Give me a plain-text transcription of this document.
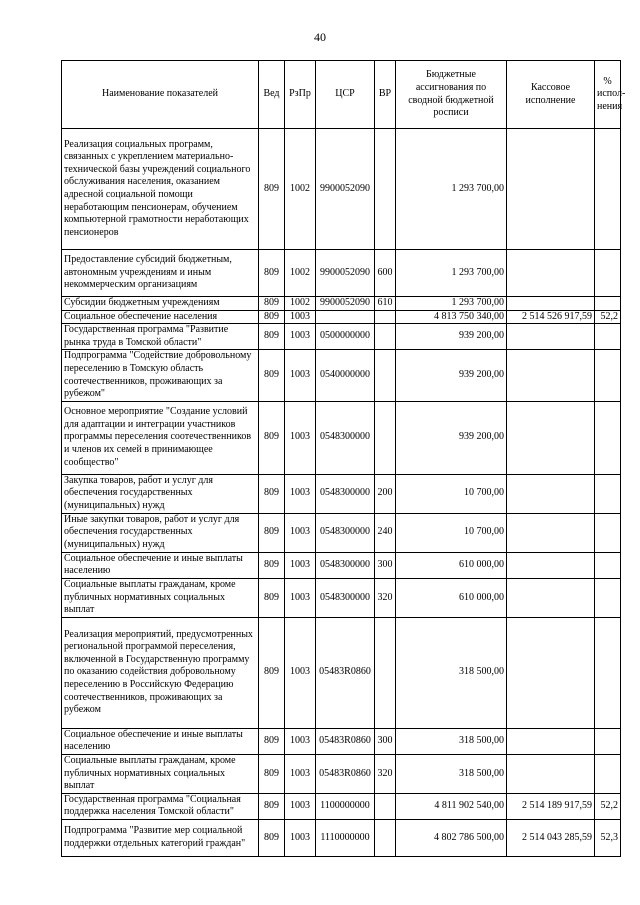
40
Наименование показателей	Вед	РзПр	ЦСР	ВР	Бюджетные ассигнования по сводной бюджетной росписи	Кассовое исполнение	% испол-нения
Реализация социальных программ, связанных с укреплением материально-технической базы учреждений социального обслуживания населения, оказанием адресной социальной помощи неработающим пенсионерам, обучением компьютерной грамотности неработающих пенсионеров	809	1002	9900052090		1 293 700,00		
Предоставление субсидий бюджетным, автономным учреждениям и иным некоммерческим организациям	809	1002	9900052090	600	1 293 700,00		
Субсидии бюджетным учреждениям	809	1002	9900052090	610	1 293 700,00		
Социальное обеспечение населения	809	1003			4 813 750 340,00	2 514 526 917,59	52,2
Государственная программа "Развитие рынка труда в Томской области"	809	1003	0500000000		939 200,00		
Подпрограмма "Содействие добровольному переселению в Томскую область соотечественников, проживающих за рубежом"	809	1003	0540000000		939 200,00		
Основное мероприятие "Создание условий для адаптации и интеграции участников программы переселения соотечественников и членов их семей в принимающее сообщество"	809	1003	0548300000		939 200,00		
Закупка товаров, работ и услуг для обеспечения государственных (муниципальных) нужд	809	1003	0548300000	200	10 700,00		
Иные закупки товаров, работ и услуг для обеспечения государственных (муниципальных) нужд	809	1003	0548300000	240	10 700,00		
Социальное обеспечение и иные выплаты населению	809	1003	0548300000	300	610 000,00		
Социальные выплаты гражданам, кроме публичных нормативных социальных выплат	809	1003	0548300000	320	610 000,00		
Реализация мероприятий, предусмотренных региональной программой переселения, включенной в Государственную программу по оказанию содействия добровольному переселению в Российскую Федерацию соотечественников, проживающих за рубежом	809	1003	05483R0860		318 500,00		
Социальное обеспечение и иные выплаты населению	809	1003	05483R0860	300	318 500,00		
Социальные выплаты гражданам, кроме публичных нормативных социальных выплат	809	1003	05483R0860	320	318 500,00		
Государственная программа "Социальная поддержка населения Томской области"	809	1003	1100000000		4 811 902 540,00	2 514 189 917,59	52,2
Подпрограмма "Развитие мер социальной поддержки отдельных категорий граждан"	809	1003	1110000000		4 802 786 500,00	2 514 043 285,59	52,3
